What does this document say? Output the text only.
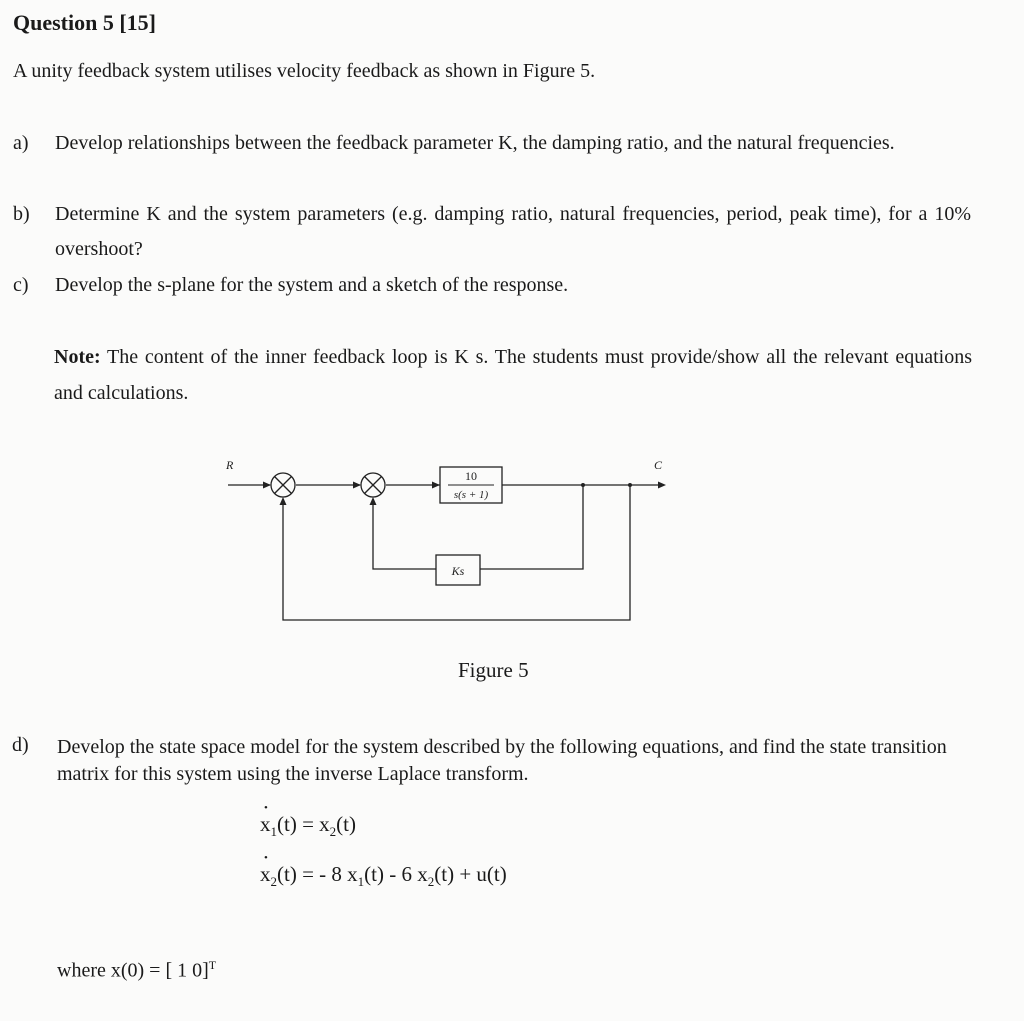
Question 5 [15]
A unity feedback system utilises velocity feedback as shown in Figure 5.
a) Develop relationships between the feedback parameter K, the damping ratio, and the natural frequencies.
b) Determine K and the system parameters (e.g. damping ratio, natural frequencies, period, peak time), for a 10% overshoot?
c) Develop the s-plane for the system and a sketch of the response.
Note: The content of the inner feedback loop is K s. The students must provide/show all the relevant equations and calculations.
R	C
10
s(s + 1)
Ks
Figure 5
d) Develop the state space model for the system described by the following equations, and find the state transition matrix for this system using the inverse Laplace transform.
x $•_1(t) = x_2(t)$
x $•_2(t)$ = - 8 $x_1(t) - 6$ $x_2(t) + u(t)$
where x(0) = [ 1 0]$^T$
